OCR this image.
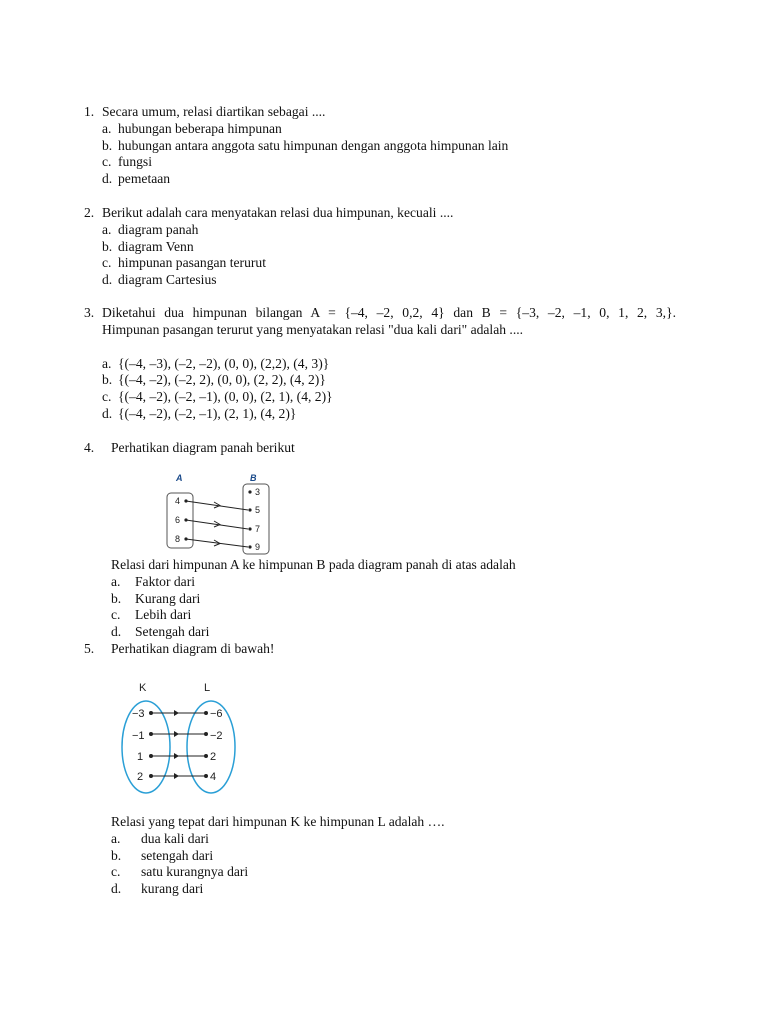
1. Secara umum, relasi diartikan sebagai ....
a. hubungan beberapa himpunan
b. hubungan antara anggota satu himpunan dengan anggota himpunan lain
c. fungsi
d. pemetaan
2. Berikut adalah cara menyatakan relasi dua himpunan, kecuali ....
a. diagram panah
b. diagram Venn
c. himpunan pasangan terurut
d. diagram Cartesius
3. Diketahui dua himpunan bilangan A = {–4, –2, 0,2, 4} dan B = {–3, –2, –1, 0, 1, 2, 3,}.
Himpunan pasangan terurut yang menyatakan relasi "dua kali dari" adalah ....
a. {(–4, –3), (–2, –2), (0, 0), (2,2), (4, 3)}
b. {(–4, –2), (–2, 2), (0, 0), (2, 2), (4, 2)}
c. {(–4, –2), (–2, –1), (0, 0), (2, 1), (4, 2)}
d. {(–4, –2), (–2, –1), (2, 1), (4, 2)}
4.	Perhatikan diagram panah berikut
A	B
4
6
8
3
5
7
9
Relasi dari himpunan A ke himpunan B pada diagram panah di atas adalah
a.	Faktor dari
b.	Kurang dari
c.	Lebih dari
d.	Setengah dari
5.	Perhatikan diagram di bawah!
K	L
−3
−1
1
2
−6
−2
2
4
Relasi yang tepat dari himpunan K ke himpunan L adalah ….
a.	dua kali dari
b.	setengah dari
c.	satu kurangnya dari
d.	kurang dari
